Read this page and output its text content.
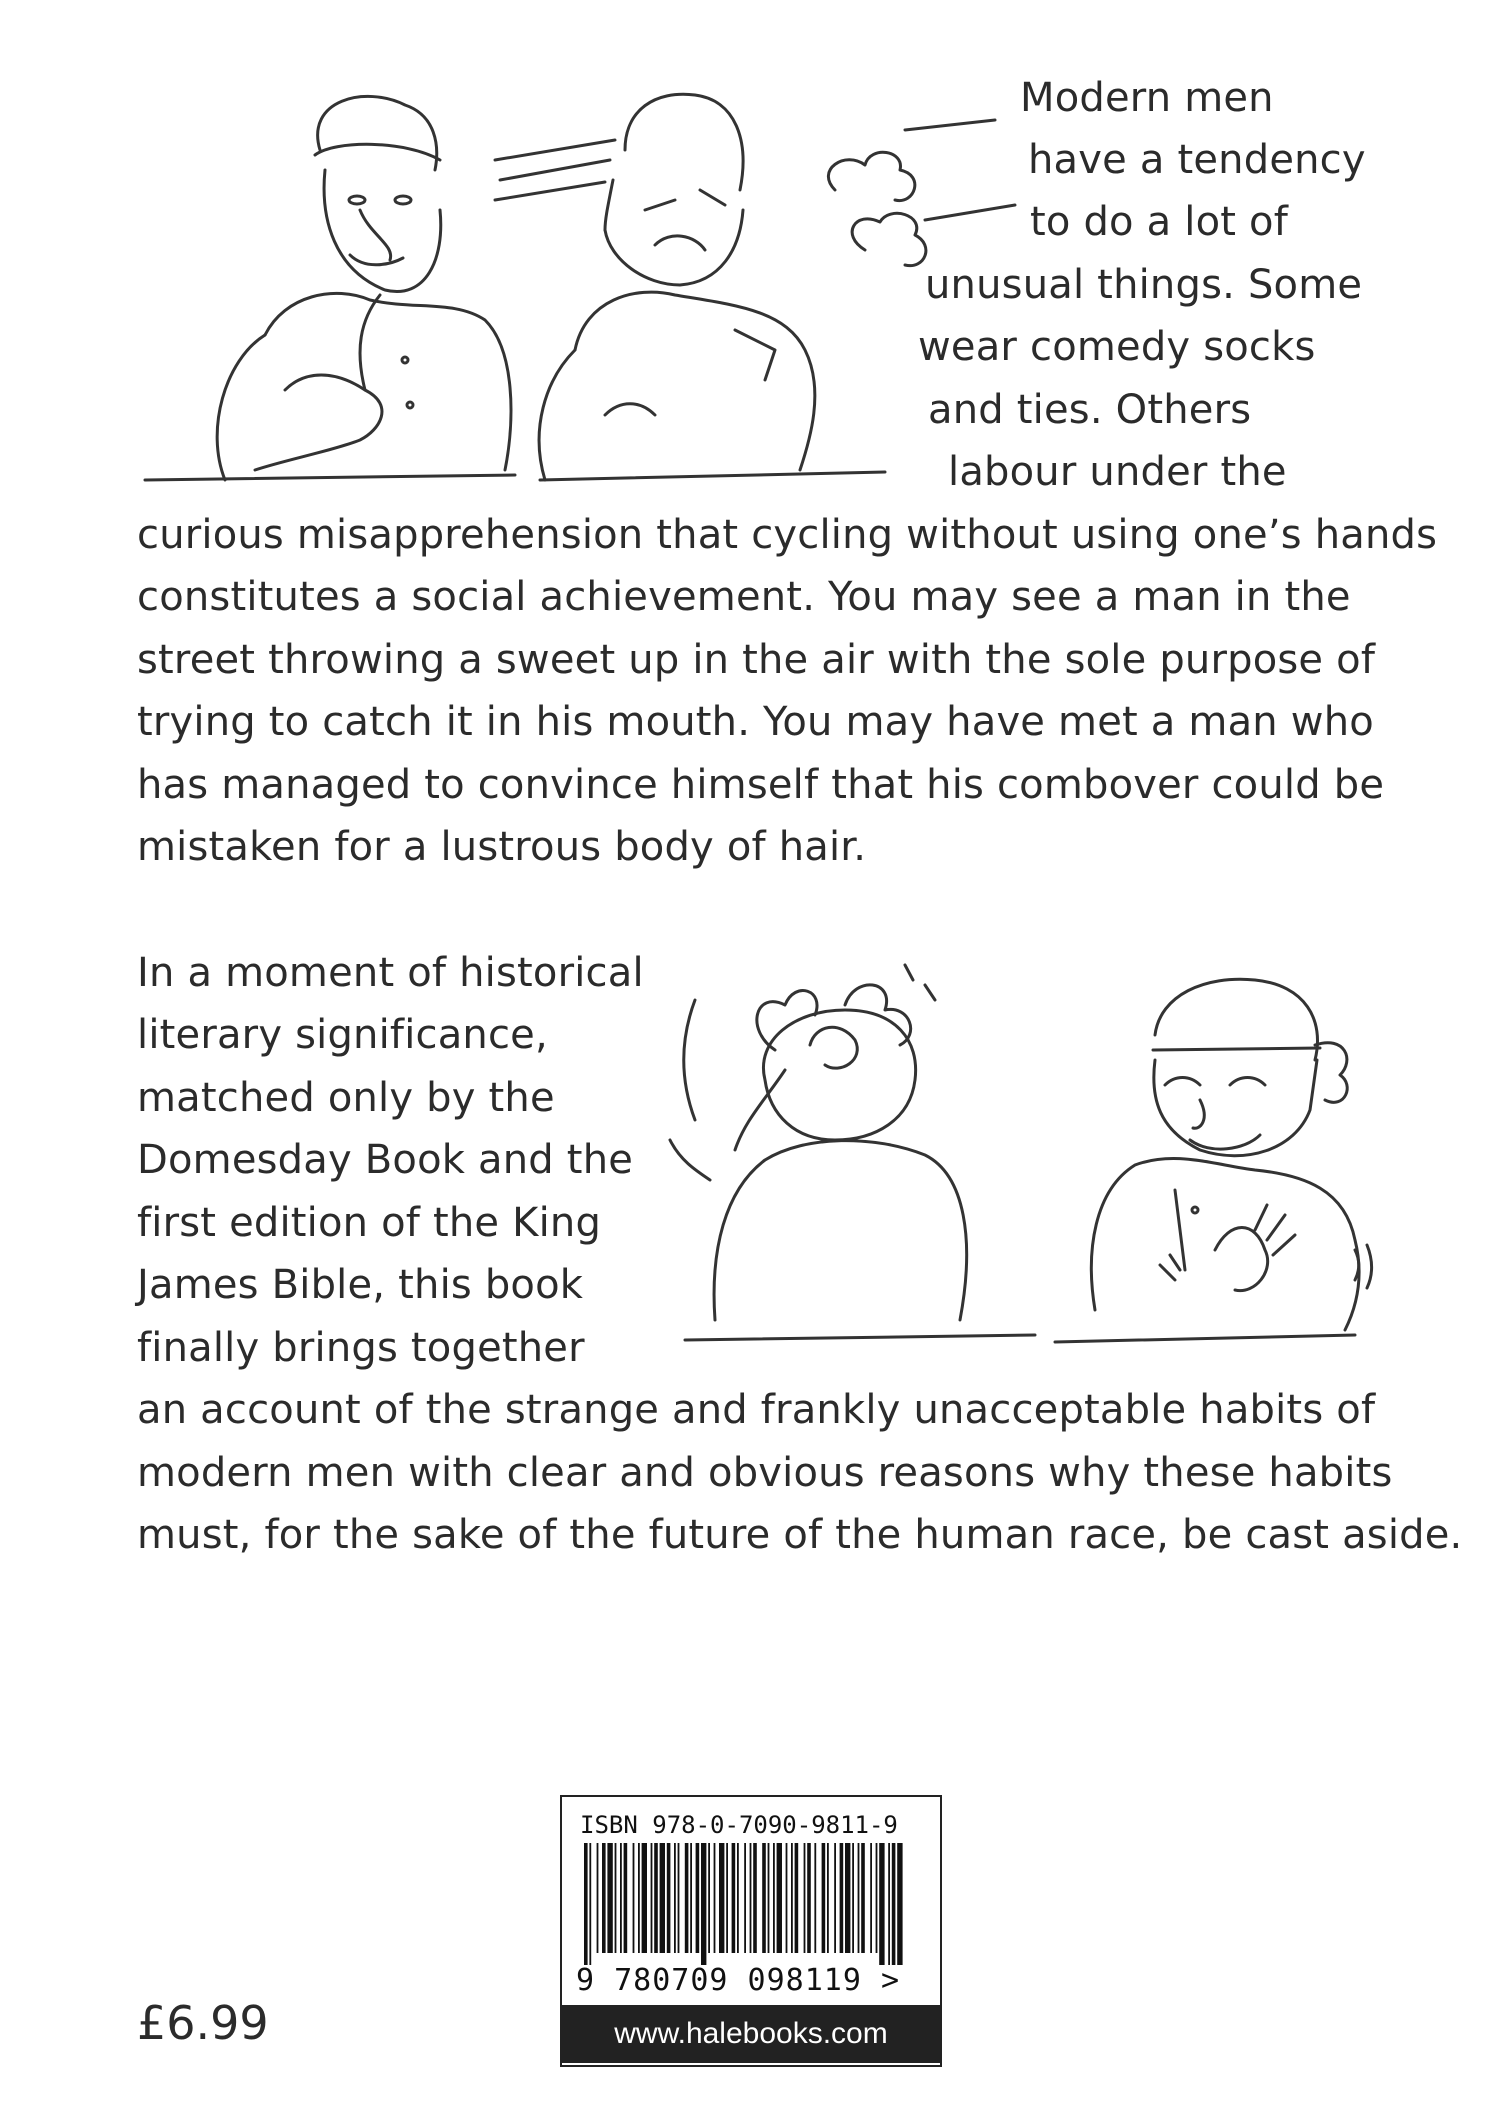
Modern men
have a tendency
to do a lot of
unusual things. Some
wear comedy socks
and ties. Others
labour under the
curious misapprehension that cycling without using one’s hands
constitutes a social achievement. You may see a man in the
street throwing a sweet up in the air with the sole purpose of
trying to catch it in his mouth. You may have met a man who
has managed to convince himself that his combover could be
mistaken for a lustrous body of hair.
In a moment of historical
literary significance,
matched only by the
Domesday Book and the
first edition of the King
James Bible, this book
finally brings together
an account of the strange and frankly unacceptable habits of
modern men with clear and obvious reasons why these habits
must, for the sake of the future of the human race, be cast aside.
ISBN 978-0-7090-9811-9
9 780709 098119 >
www.halebooks.com
£6.99
